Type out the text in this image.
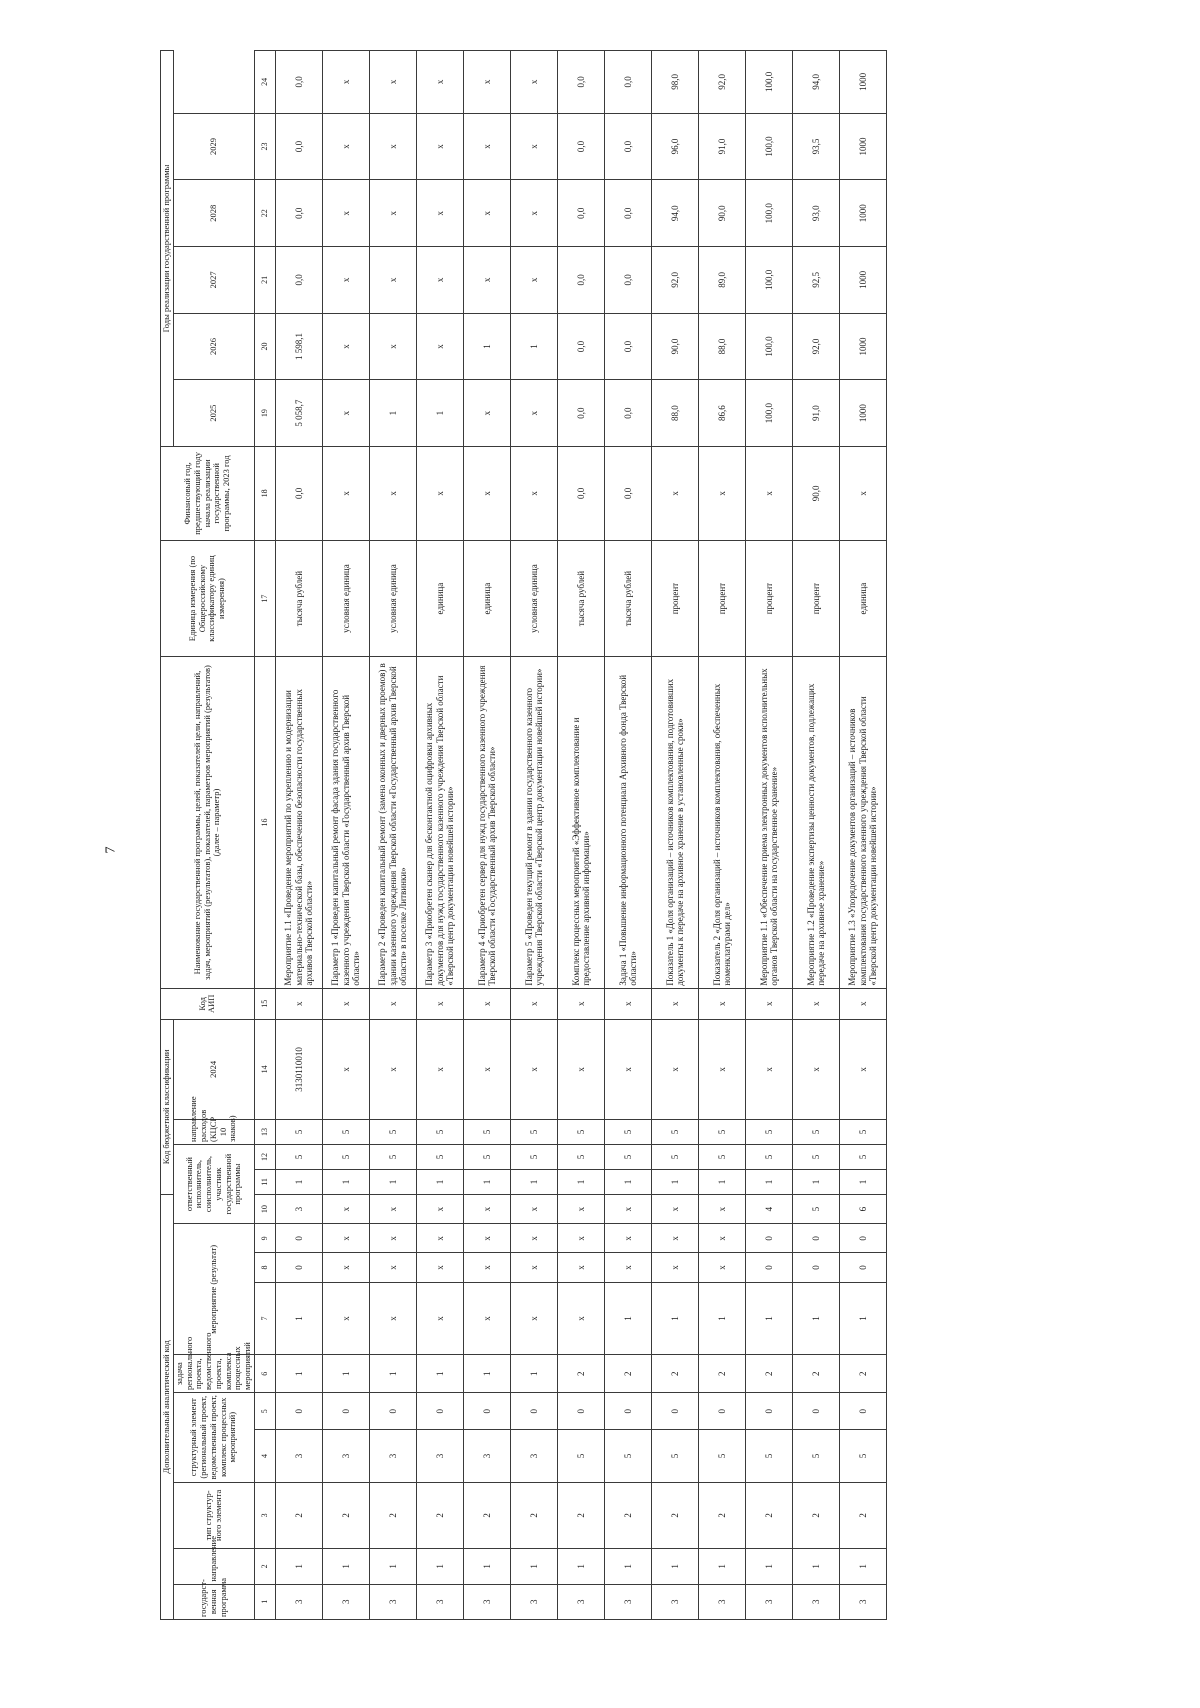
7
Дополнительный аналитический код										Код бюджетной классификации				Код АИП	Наименование государственной программы, целей, показателей цели, направлений, задач, мероприятий (результатов), показателей, параметров мероприятий (результатов) (далее – параметр)	Единица измерения (по Общероссийскому классификатору единиц измерения)	Финансовый год, предшествующий году начала реализации государственной программы, 2023 год	Годы реализации государственной программы					
государст-венная программа	направление	тип структур-ного элемента	структурный элемент (региональный проект, ведомственный проект, комплекс процессных мероприятий)		задача регионального проекта, ведомственного проекта, комплекса процессных мероприятий	мероприятие (результат)			ответственный исполнитель, соисполнитель, участник государственной программы			направление расходов (КЦСР 10 знаков)	2024					2025	2026	2027	2028	2029	

1	2	3	4	5	6	7	8	9	10	11	12	13	14	15	16	17	18	19	20	21	22	23	24
3	1	2	3	0	1	1	0	0	3	1	5	5	3130110010	x	Мероприятие 1.1 «Проведение мероприятий по укреплению и модернизации материально-технической базы, обеспечению безопасности государственных архивов Тверской области»	тысяча рублей	0,0	5 058,7	1 598,1	0,0	0,0	0,0	0,0
3	1	2	3	0	1	x	x	x	x	1	5	5	x	x	Параметр 1 «Проведен капитальный ремонт фасада здания государственного казенного учреждения Тверской области «Государственный архив Тверской области»	условная единица	x	x	x	x	x	x	x
3	1	2	3	0	1	x	x	x	x	1	5	5	x	x	Параметр 2 «Проведен капитальный ремонт (замена оконных и дверных проемов) в здании казенного учреждения Тверской области «Государственный архив Тверской области» в поселке Литвинки»	условная единица	x	1	x	x	x	x	x
3	1	2	3	0	1	x	x	x	x	1	5	5	x	x	Параметр 3 «Приобретен сканер для бесконтактной оцифровки архивных документов для нужд государственного казенного учреждения Тверской области «Тверской центр документации новейшей истории»	единица	x	1	x	x	x	x	x
3	1	2	3	0	1	x	x	x	x	1	5	5	x	x	Параметр 4 «Приобретен сервер для нужд государственного казенного учреждения Тверской области «Государственный архив Тверской области»	единица	x	x	1	x	x	x	x
3	1	2	3	0	1	x	x	x	x	1	5	5	x	x	Параметр 5 «Проведен текущий ремонт в здании государственного казенного учреждения Тверской области «Тверской центр документации новейшей истории»	условная единица	x	x	1	x	x	x	x
3	1	2	5	0	2	x	x	x	x	1	5	5	x	x	Комплекс процессных мероприятий «Эффективное комплектование и предоставление архивной информации»	тысяча рублей	0,0	0,0	0,0	0,0	0,0	0,0	0,0
3	1	2	5	0	2	1	x	x	x	1	5	5	x	x	Задача 1 «Повышение информационного потенциала Архивного фонда Тверской области»	тысяча рублей	0,0	0,0	0,0	0,0	0,0	0,0	0,0
3	1	2	5	0	2	1	x	x	x	1	5	5	x	x	Показатель 1 «Доля организаций – источников комплектования, подготовивших документы к передаче на архивное хранение в установленные сроки»	процент	x	88,0	90,0	92,0	94,0	96,0	98,0
3	1	2	5	0	2	1	x	x	x	1	5	5	x	x	Показатель 2 «Доля организаций – источников комплектования, обеспеченных номенклатурами дел»	процент	x	86,6	88,0	89,0	90,0	91,0	92,0
3	1	2	5	0	2	1	0	0	4	1	5	5	x	x	Мероприятие 1.1 «Обеспечение приема электронных документов исполнительных органов Тверской области на государственное хранение»	процент	x	100,0	100,0	100,0	100,0	100,0	100,0
3	1	2	5	0	2	1	0	0	5	1	5	5	x	x	Мероприятие 1.2 «Проведение экспертизы ценности документов, подлежащих передаче на архивное хранение»	процент	90,0	91,0	92,0	92,5	93,0	93,5	94,0
3	1	2	5	0	2	1	0	0	6	1	5	5	x	x	Мероприятие 1.3 «Упорядочение документов организаций – источников комплектования государственного казенного учреждения Тверской области «Тверской центр документации новейшей истории»	единица	x	1000	1000	1000	1000	1000	1000
